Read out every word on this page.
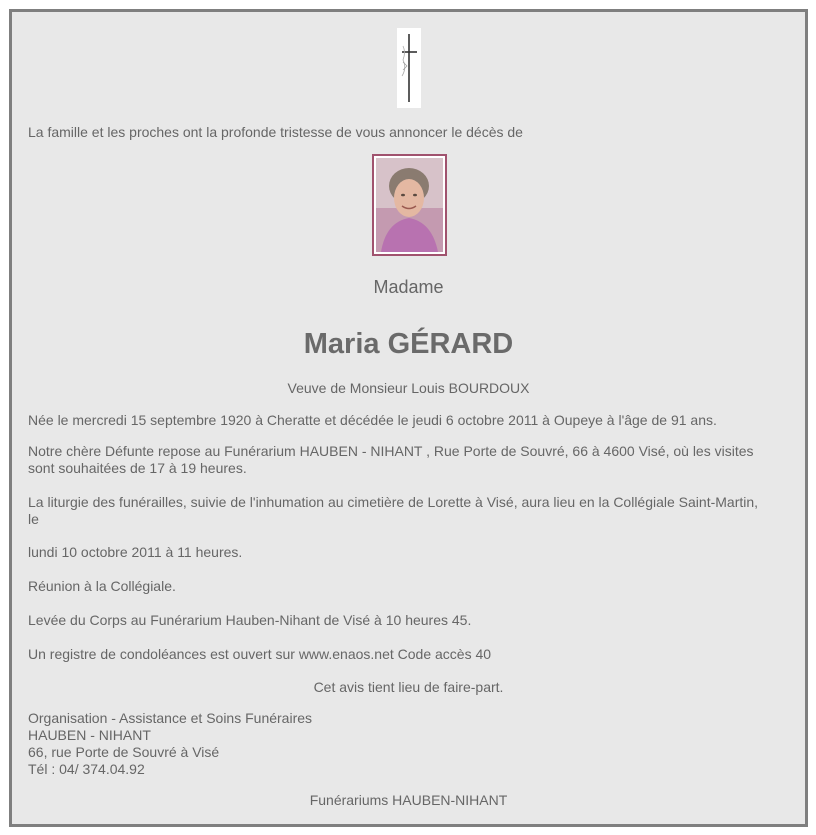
La famille et les proches ont la profonde tristesse de vous annoncer le décès de

Madame

Maria GÉRARD

Veuve de Monsieur Louis BOURDOUX

Née le mercredi 15 septembre 1920 à Cheratte et décédée le jeudi 6 octobre 2011 à Oupeye à l'âge de 91 ans.

Notre chère Défunte repose au Funérarium HAUBEN - NIHANT , Rue Porte de Souvré, 66 à 4600 Visé, où les visites
sont souhaitées de 17 à 19 heures.

La liturgie des funérailles, suivie de l'inhumation au cimetière de Lorette à Visé, aura lieu en la Collégiale Saint-Martin,
le

lundi 10 octobre 2011 à 11 heures.

Réunion à la Collégiale.

Levée du Corps au Funérarium Hauben-Nihant de Visé à 10 heures 45.

Un registre de condoléances est ouvert sur www.enaos.net Code accès 40

Cet avis tient lieu de faire-part.

Organisation - Assistance et Soins Funéraires
HAUBEN - NIHANT
66, rue Porte de Souvré à Visé
Tél : 04/ 374.04.92

Funérariums HAUBEN-NIHANT
